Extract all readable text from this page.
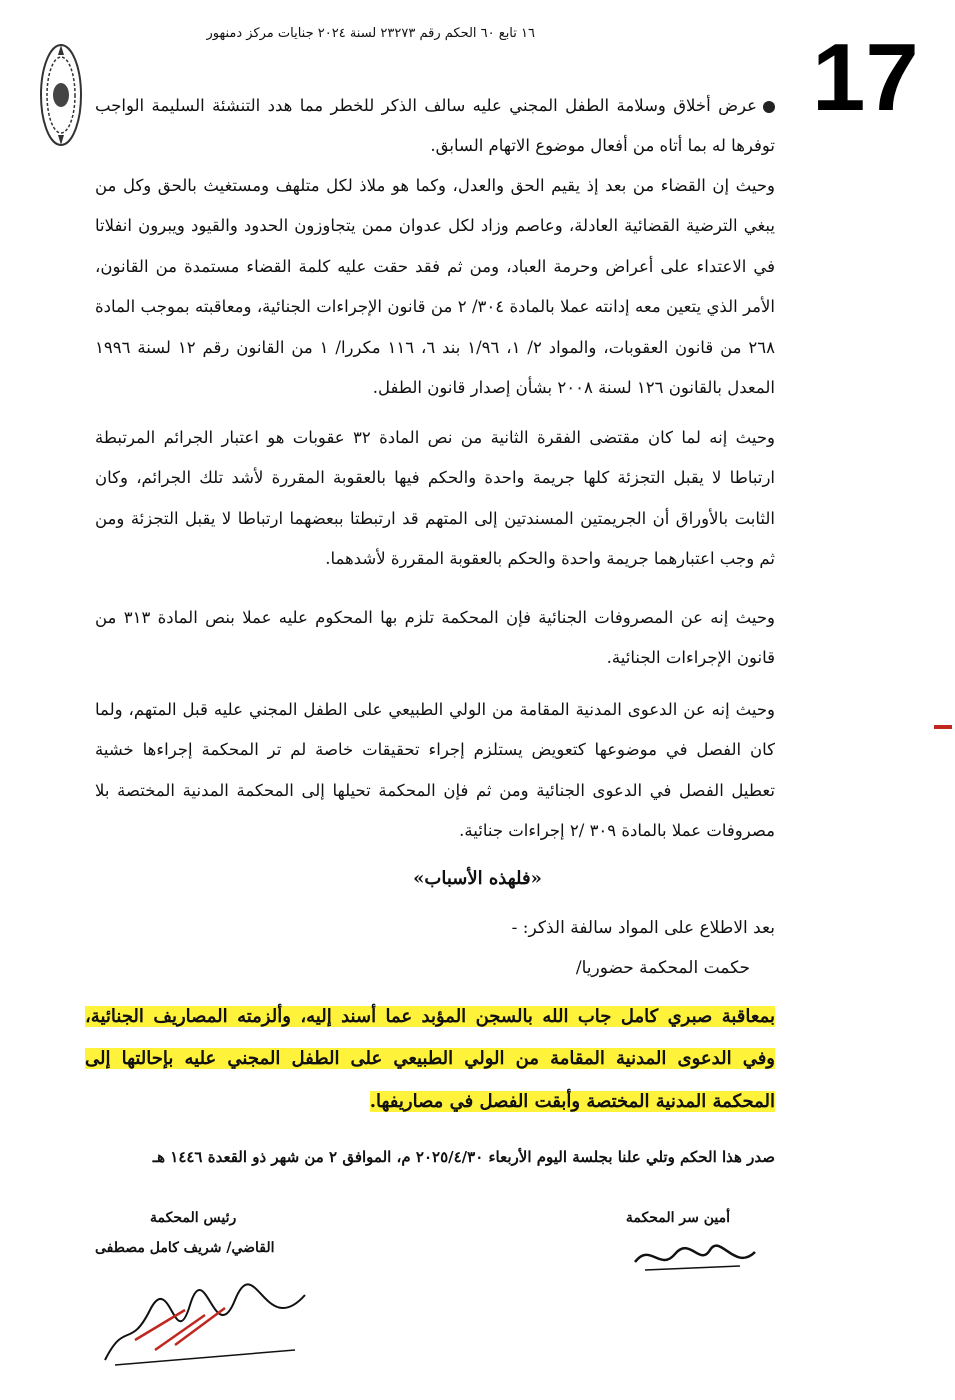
17
١٦ تابع ٦٠ الحكم رقم ٢٣٢٧٣ لسنة ٢٠٢٤ جنايات مركز دمنهور
عرض أخلاق وسلامة الطفل المجني عليه سالف الذكر للخطر مما هدد التنشئة السليمة الواجب توفرها له بما أتاه من أفعال موضوع الاتهام السابق.
وحيث إن القضاء من بعد إذ يقيم الحق والعدل، وكما هو ملاذ لكل متلهف ومستغيث بالحق وكل من يبغي الترضية القضائية العادلة، وعاصم وزاد لكل عدوان ممن يتجاوزون الحدود والقيود ويبرون انفلاتا في الاعتداء على أعراض وحرمة العباد، ومن ثم فقد حقت عليه كلمة القضاء مستمدة من القانون، الأمر الذي يتعين معه إدانته عملا بالمادة ٣٠٤/ ٢ من قانون الإجراءات الجنائية، ومعاقبته بموجب المادة ٢٦٨ من قانون العقوبات، والمواد ٢/ ١، ١/٩٦ بند ٦، ١١٦ مكررا/ ١ من القانون رقم ١٢ لسنة ١٩٩٦ المعدل بالقانون ١٢٦ لسنة ٢٠٠٨ بشأن إصدار قانون الطفل.
وحيث إنه لما كان مقتضى الفقرة الثانية من نص المادة ٣٢ عقوبات هو اعتبار الجرائم المرتبطة ارتباطا لا يقبل التجزئة كلها جريمة واحدة والحكم فيها بالعقوبة المقررة لأشد تلك الجرائم، وكان الثابت بالأوراق أن الجريمتين المسندتين إلى المتهم قد ارتبطتا ببعضهما ارتباطا لا يقبل التجزئة ومن ثم وجب اعتبارهما جريمة واحدة والحكم بالعقوبة المقررة لأشدهما.
وحيث إنه عن المصروفات الجنائية فإن المحكمة تلزم بها المحكوم عليه عملا بنص المادة ٣١٣ من قانون الإجراءات الجنائية.
وحيث إنه عن الدعوى المدنية المقامة من الولي الطبيعي على الطفل المجني عليه قبل المتهم، ولما كان الفصل في موضوعها كتعويض يستلزم إجراء تحقيقات خاصة لم تر المحكمة إجراءها خشية تعطيل الفصل في الدعوى الجنائية ومن ثم فإن المحكمة تحيلها إلى المحكمة المدنية المختصة بلا مصروفات عملا بالمادة ٣٠٩ /٢ إجراءات جنائية.
«فلهذه الأسباب»
بعد الاطلاع على المواد سالفة الذكر: -
حكمت المحكمة حضوريا/
بمعاقبة صبري كامل جاب الله بالسجن المؤبد عما أسند إليه، وألزمته المصاريف الجنائية، وفي الدعوى المدنية المقامة من الولي الطبيعي على الطفل المجني عليه بإحالتها إلى المحكمة المدنية المختصة وأبقت الفصل في مصاريفها.
صدر هذا الحكم وتلي علنا بجلسة اليوم الأربعاء ٢٠٢٥/٤/٣٠ م، الموافق ٢ من شهر ذو القعدة ١٤٤٦ هـ
أمين سر المحكمة
رئيس المحكمة
القاضي/ شريف كامل مصطفى
